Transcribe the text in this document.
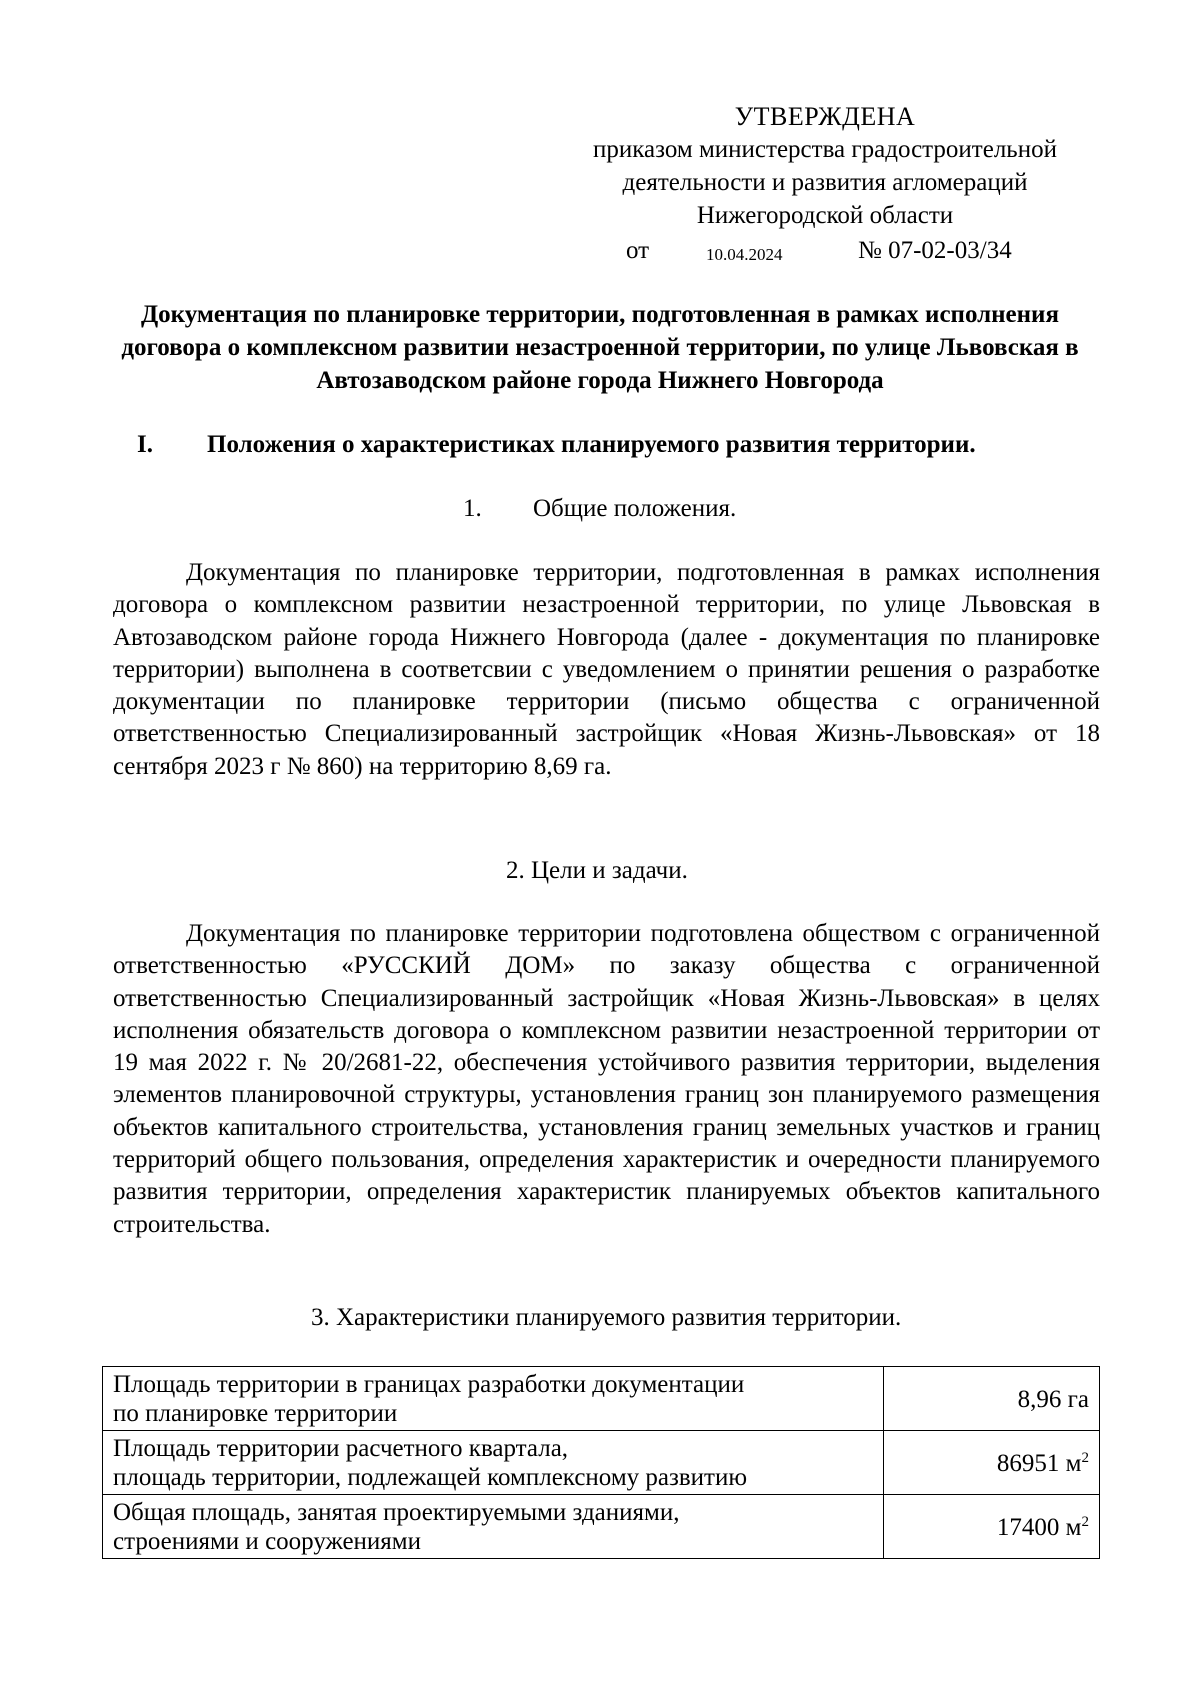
УТВЕРЖДЕНА
приказом министерства градостроительной
деятельности и развития агломераций
Нижегородской области
от	10.04.2024	№ 07-02-03/34
Документация по планировке территории, подготовленная в рамках исполнения договора о комплексном развитии незастроенной территории, по улице Львовская в Автозаводском районе города Нижнего Новгорода
I. Положения о характеристиках планируемого развития территории.
1. Общие положения.
Документация по планировке территории, подготовленная в рамках исполнения договора о комплексном развитии незастроенной территории, по улице Львовская в Автозаводском районе города Нижнего Новгорода (далее - документация по планировке территории) выполнена в соответсвии с уведомлением о принятии решения о разработке документации по планировке территории (письмо общества с ограниченной ответственностью Специализированный застройщик «Новая Жизнь-Львовская» от 18 сентября 2023 г № 860) на территорию 8,69 га.
2. Цели и задачи.
Документация по планировке территории подготовлена обществом с ограниченной ответственностью «РУССКИЙ ДОМ» по заказу общества с ограниченной ответственностью Специализированный застройщик «Новая Жизнь-Львовская» в целях исполнения обязательств договора о комплексном развитии незастроенной территории от 19 мая 2022 г. № 20/2681-22, обеспечения устойчивого развития территории, выделения элементов планировочной структуры, установления границ зон планируемого размещения объектов капитального строительства, установления границ земельных участков и границ территорий общего пользования, определения характеристик и очередности планируемого развития территории, определения характеристик планируемых объектов капитального строительства.
3. Характеристики планируемого развития территории.
Площадь территории в границах разработки документации
по планировке территории	8,96 га

Площадь территории расчетного квартала,
площадь территории, подлежащей комплексному развитию	86951 $м^2$

Общая площадь, занятая проектируемыми зданиями,
строениями и сооружениями	17400 $м^2$
